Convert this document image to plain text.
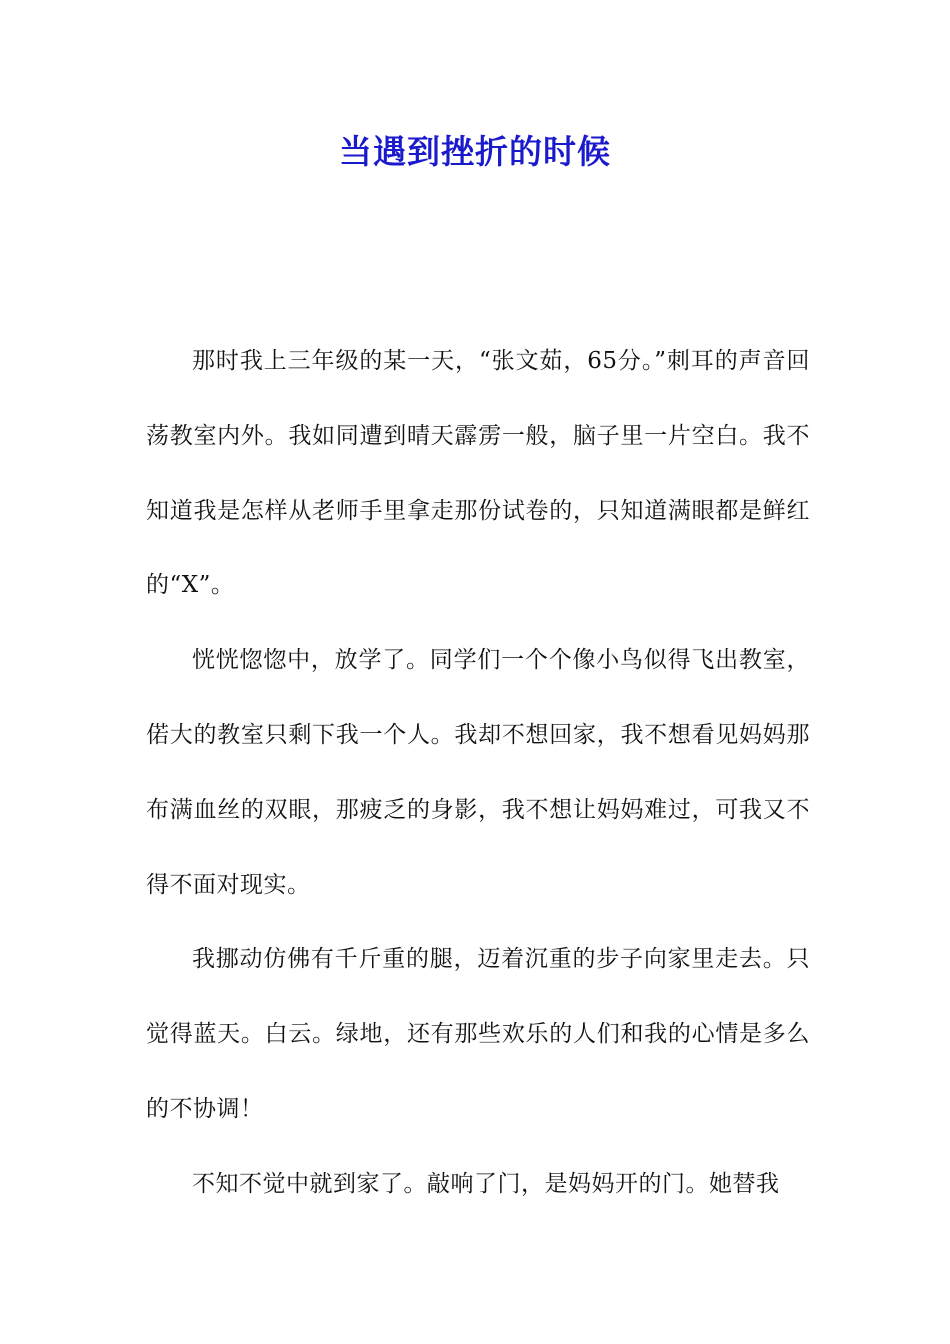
当遇到挫折的时候

那时我上三年级的某一天，“张文茹，65分。”刺耳的声音回荡教室内外。我如同遭到晴天霹雳一般，脑子里一片空白。我不知道我是怎样从老师手里拿走那份试卷的，只知道满眼都是鲜红的“X”。

恍恍惚惚中，放学了。同学们一个个像小鸟似得飞出教室，偌大的教室只剩下我一个人。我却不想回家，我不想看见妈妈那布满血丝的双眼，那疲乏的身影，我不想让妈妈难过，可我又不得不面对现实。

我挪动仿佛有千斤重的腿，迈着沉重的步子向家里走去。只觉得蓝天。白云。绿地，还有那些欢乐的人们和我的心情是多么的不协调！

不知不觉中就到家了。敲响了门，是妈妈开的门。她替我
